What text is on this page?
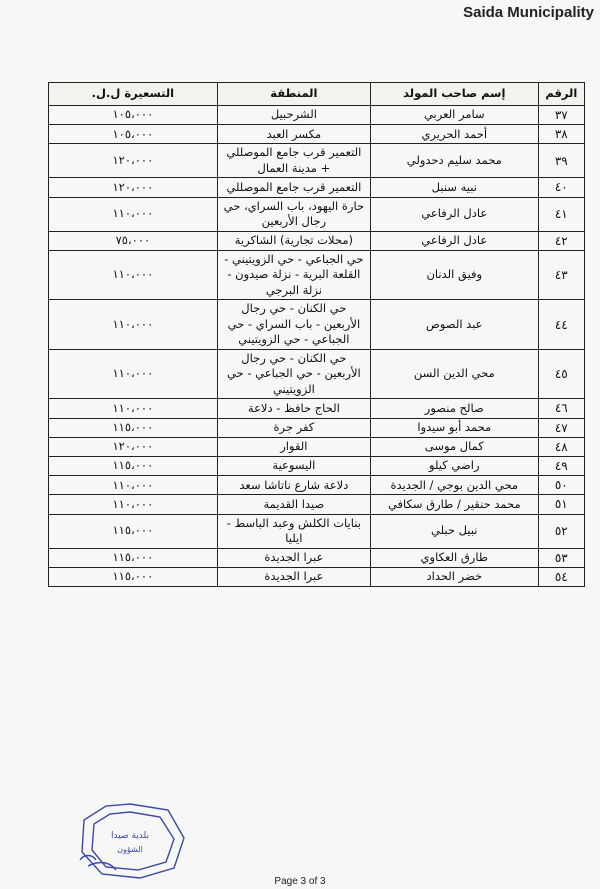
Saida Municipality
الرقم	إسم صاحب المولد	المنطقة	التسعيرة ل.ل.
٣٧	سامر العربي	الشرحبيل	١٠٥،٠٠٠
٣٨	أحمد الحريري	مكسر العبد	١٠٥،٠٠٠
٣٩	محمد سليم دحدولي	التعمير قرب جامع الموصللي + مدينة العمال	١٢٠،٠٠٠
٤٠	نبيه سنبل	التعمير قرب جامع الموصللي	١٢٠،٠٠٠
٤١	عادل الرفاعي	حارة اليهود، باب السراي، حي رجال الأربعين	١١٠،٠٠٠
٤٢	عادل الرفاعي	(محلات تجارية) الشاكرية	٧٥،٠٠٠
٤٣	وفيق الدنان	حي الجباعي - حي الزويتيني - القلعة البرية - نزلة صيدون - نزلة البرجي	١١٠،٠٠٠
٤٤	عبد الصوص	حي الكنان - حي رجال الأربعين - باب السراي - حي الجباعي - حي الزويتيني	١١٠،٠٠٠
٤٥	محي الدين السن	حي الكنان - حي رجال الأربعين - حي الجباعي - حي الزويتيني	١١٠،٠٠٠
٤٦	صالح منصور	الحاج حافظ - دلاعة	١١٠،٠٠٠
٤٧	محمد أبو سيدوا	كفر جرة	١١٥،٠٠٠
٤٨	كمال موسى	القوار	١٢٠،٠٠٠
٤٩	راضي كيلو	اليسوعية	١١٥،٠٠٠
٥٠	محي الدين بوجي / الجديدة	دلاعة شارع ناتاشا سعد	١١٠،٠٠٠
٥١	محمد حنقير / طارق سكافي	صيدا القديمة	١١٠،٠٠٠
٥٢	نبيل حبلي	بنايات الكلش وعبد الباسط - ايليا	١١٥،٠٠٠
٥٣	طارق العكاوي	عبرا الجديدة	١١٥،٠٠٠
٥٤	خضر الحداد	عبرا الجديدة	١١٥،٠٠٠
بلدية صيدا
الشؤون
Page 3 of 3
